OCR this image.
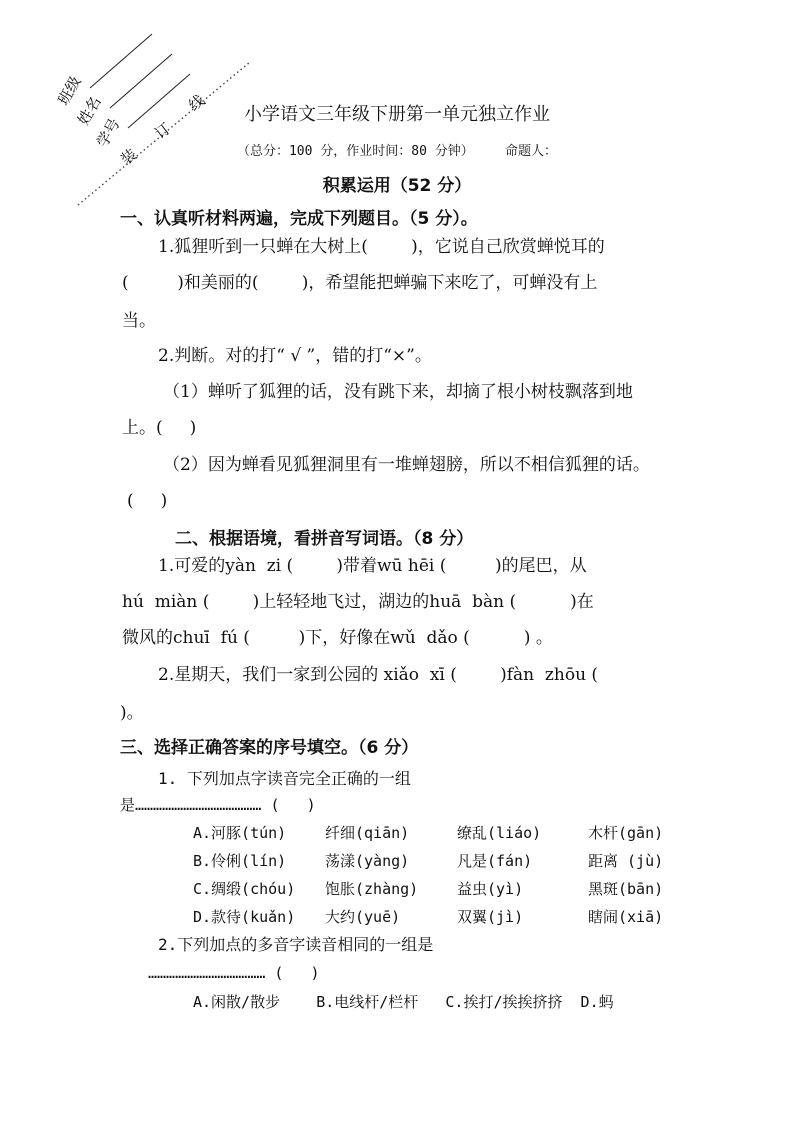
班级
姓名
学号
装
订
线	小学语文三年级下册第一单元独立作业
（总分：100 分，作业时间：80 分钟）    命题人：
积累运用（52 分）
一、认真听材料两遍，完成下列题目。（5 分）。
1.狐狸听到一只蝉在大树上(        )，它说自己欣赏蝉悦耳的
(         )和美丽的(        )，希望能把蝉骗下来吃了，可蝉没有上
当。
2.判断。对的打“ √ ”，错的打“×”。
（1）蝉听了狐狸的话，没有跳下来，却摘了根小树枝飘落到地
上。(     )
（2）因为蝉看见狐狸洞里有一堆蝉翅膀，所以不相信狐狸的话。
(     )
二、根据语境，看拼音写词语。（8 分）
1.可爱的yàn  zi (        )带着wū hēi (         )的尾巴，从
hú  miàn (        )上轻轻地飞过，湖边的huā  bàn (          )在
微风的chuī  fú (         )下，好像在wǔ  dǎo (          ) 。
2.星期天，我们一家到公园的 xiǎo  xī (        )fàn  zhōu (
)。
三、选择正确答案的序号填空。（6 分）
1. 下列加点字读音完全正确的一组
是…………………………………… (   )
A.河豚(tún)	纤细(qiān)	缭乱(liáo)	木杆(gān)
B.伶俐(lín)	荡漾(yàng)	凡是(fán)	距离 (jù)
C.绸缎(chóu) 饱胀(zhàng)	益虫(yì)	黑斑(bān)
D.款待(kuǎn) 大约(yuē)	双翼(jì)	瞎闹(xiā)
2.下列加点的多音字读音相同的一组是
………………………………… (   )
A.闲散/散步    B.电线杆/栏杆   C.挨打/挨挨挤挤  D.蚂
